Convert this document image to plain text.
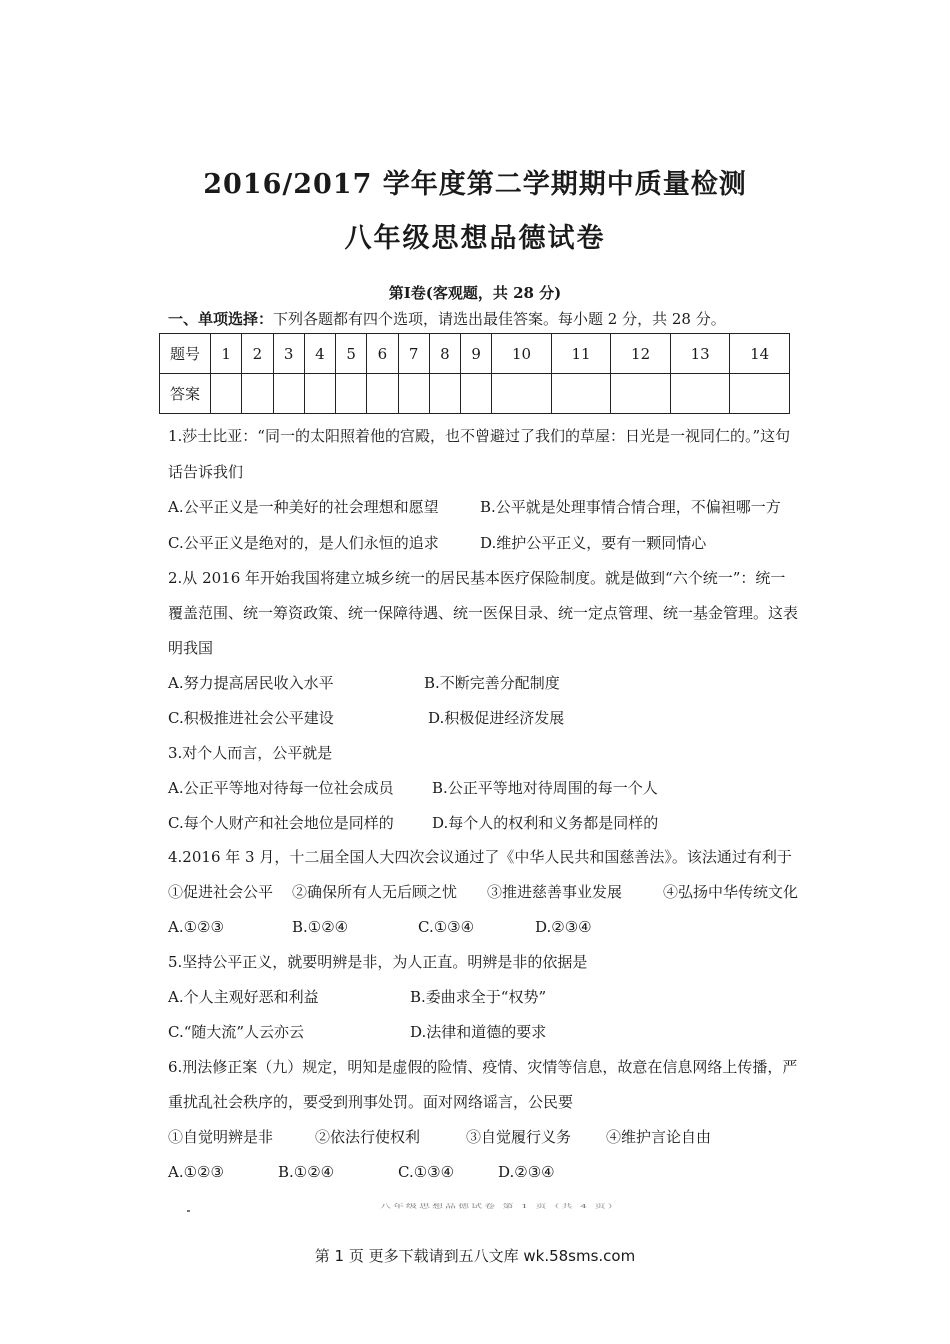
2016/2017 学年度第二学期期中质量检测
八年级思想品德试卷
第Ⅰ卷(客观题，共 28 分)
一、单项选择：下列各题都有四个选项，请选出最佳答案。每小题 2 分，共 28 分。
题号	1	2	3	4	5	6	7	8	9	10	11	12	13	14
答案														
1.莎士比亚：“同一的太阳照着他的宫殿，也不曾避过了我们的草屋：日光是一视同仁的。”这句
话告诉我们
A.公平正义是一种美好的社会理想和愿望	B.公平就是处理事情合情合理，不偏袒哪一方
C.公平正义是绝对的，是人们永恒的追求	D.维护公平正义，要有一颗同情心
2.从 2016 年开始我国将建立城乡统一的居民基本医疗保险制度。就是做到“六个统一”：统一
覆盖范围、统一筹资政策、统一保障待遇、统一医保目录、统一定点管理、统一基金管理。这表
明我国
A.努力提高居民收入水平	B.不断完善分配制度
C.积极推进社会公平建设	D.积极促进经济发展
3.对个人而言，公平就是
A.公正平等地对待每一位社会成员	B.公正平等地对待周围的每一个人
C.每个人财产和社会地位是同样的	D.每个人的权利和义务都是同样的
4.2016 年 3 月，十二届全国人大四次会议通过了《中华人民共和国慈善法》。该法通过有利于
①促进社会公平 ②确保所有人无后顾之忧 ③推进慈善事业发展	④弘扬中华传统文化
A.①②③	B.①②④	C.①③④	D.②③④
5.坚持公平正义，就要明辨是非，为人正直。明辨是非的依据是
A.个人主观好恶和利益	B.委曲求全于“权势”
C.“随大流”人云亦云	D.法律和道德的要求
6.刑法修正案（九）规定，明知是虚假的险情、疫情、灾情等信息，故意在信息网络上传播，严
重扰乱社会秩序的，要受到刑事处罚。面对网络谣言，公民要
①自觉明辨是非	②依法行使权利	③自觉履行义务 ④维护言论自由
A.①②③	B.①②④	C.①③④	D.②③④
八年级思想品德试卷 第 1 页（共 4 页）
第 1 页 更多下载请到五八文库 wk.58sms.com
